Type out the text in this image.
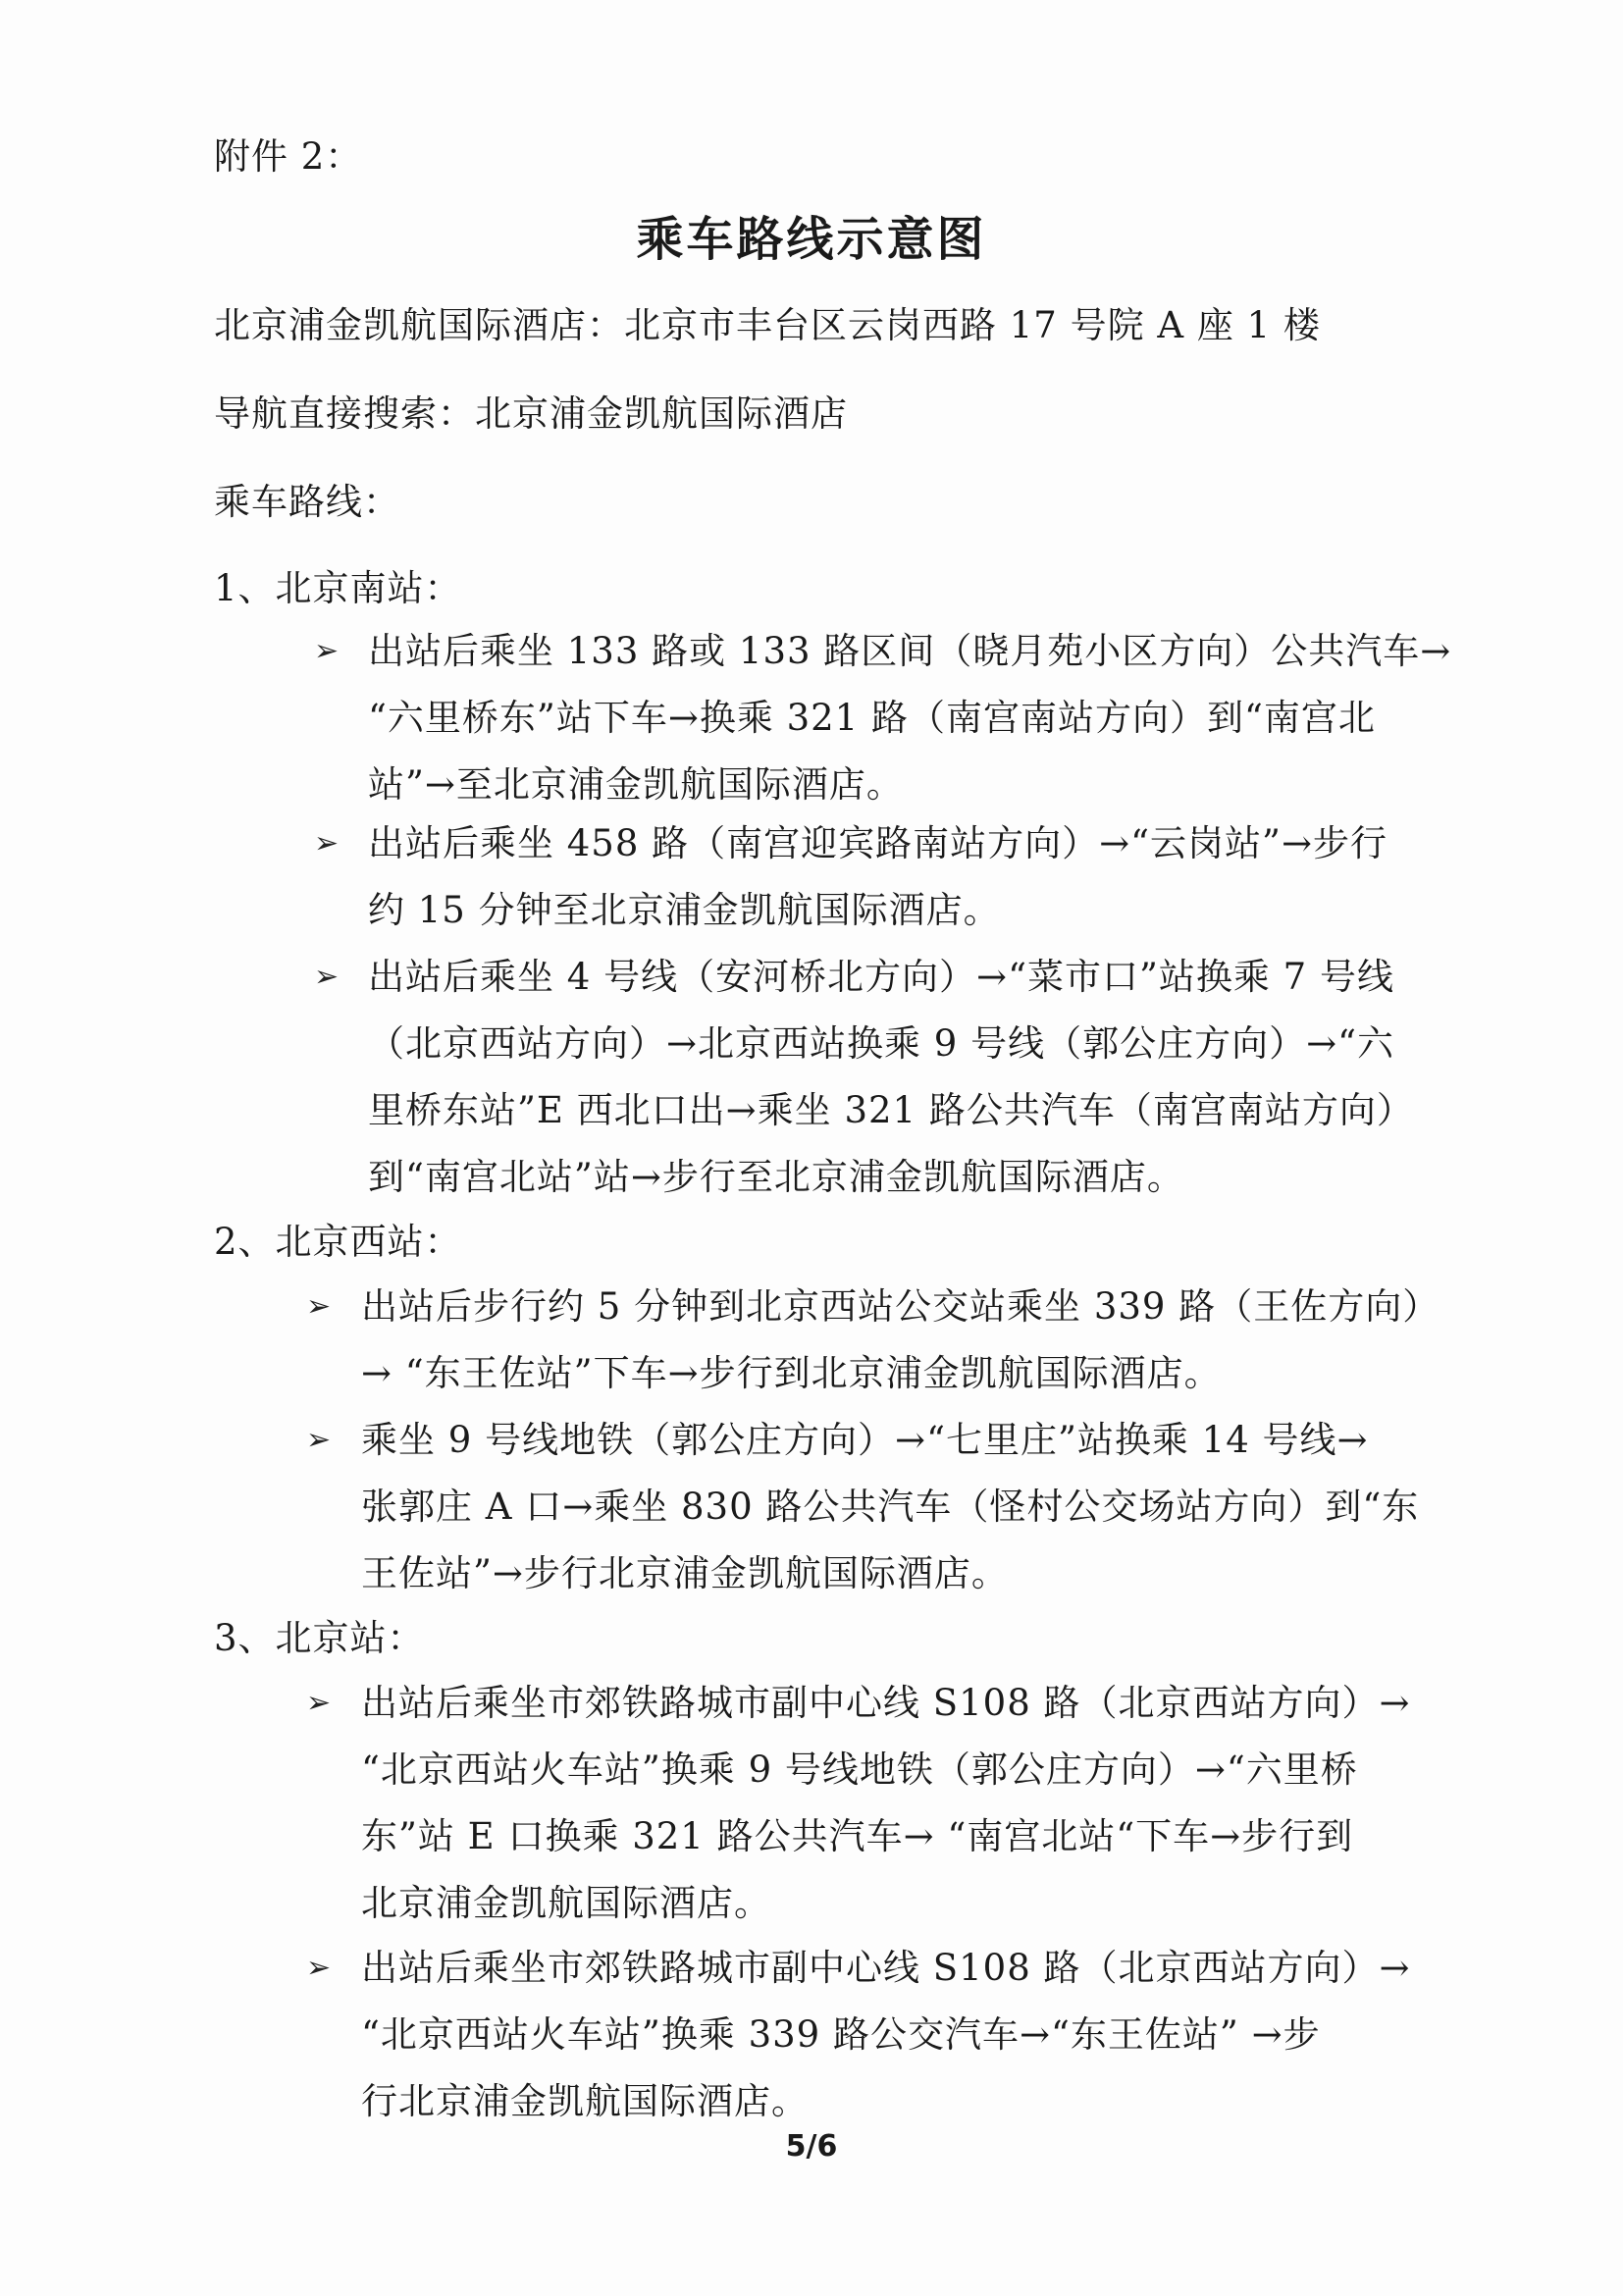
附件 2：
乘车路线示意图
北京浦金凯航国际酒店：北京市丰台区云岗西路 17 号院 A 座 1 楼
导航直接搜索：北京浦金凯航国际酒店
乘车路线：
1、北京南站：
➢ 出站后乘坐 133 路或 133 路区间（晓月苑小区方向）公共汽车→
“六里桥东”站下车→换乘 321 路（南宫南站方向）到“南宫北
站”→至北京浦金凯航国际酒店。
➢ 出站后乘坐 458 路（南宫迎宾路南站方向）→“云岗站”→步行
约 15 分钟至北京浦金凯航国际酒店。
➢ 出站后乘坐 4 号线（安河桥北方向）→“菜市口”站换乘 7 号线
（北京西站方向）→北京西站换乘 9 号线（郭公庄方向）→“六
里桥东站”E 西北口出→乘坐 321 路公共汽车（南宫南站方向）
到“南宫北站”站→步行至北京浦金凯航国际酒店。
2、北京西站：
➢ 出站后步行约 5 分钟到北京西站公交站乘坐 339 路（王佐方向）
→ “东王佐站”下车→步行到北京浦金凯航国际酒店。
➢ 乘坐 9 号线地铁（郭公庄方向）→“七里庄”站换乘 14 号线→
张郭庄 A 口→乘坐 830 路公共汽车（怪村公交场站方向）到“东
王佐站”→步行北京浦金凯航国际酒店。
3、北京站：
➢ 出站后乘坐市郊铁路城市副中心线 S108 路（北京西站方向）→
“北京西站火车站”换乘 9 号线地铁（郭公庄方向）→“六里桥
东”站 E 口换乘 321 路公共汽车→ “南宫北站“下车→步行到
北京浦金凯航国际酒店。
➢ 出站后乘坐市郊铁路城市副中心线 S108 路（北京西站方向）→
“北京西站火车站”换乘 339 路公交汽车→“东王佐站” →步
行北京浦金凯航国际酒店。
5/6
